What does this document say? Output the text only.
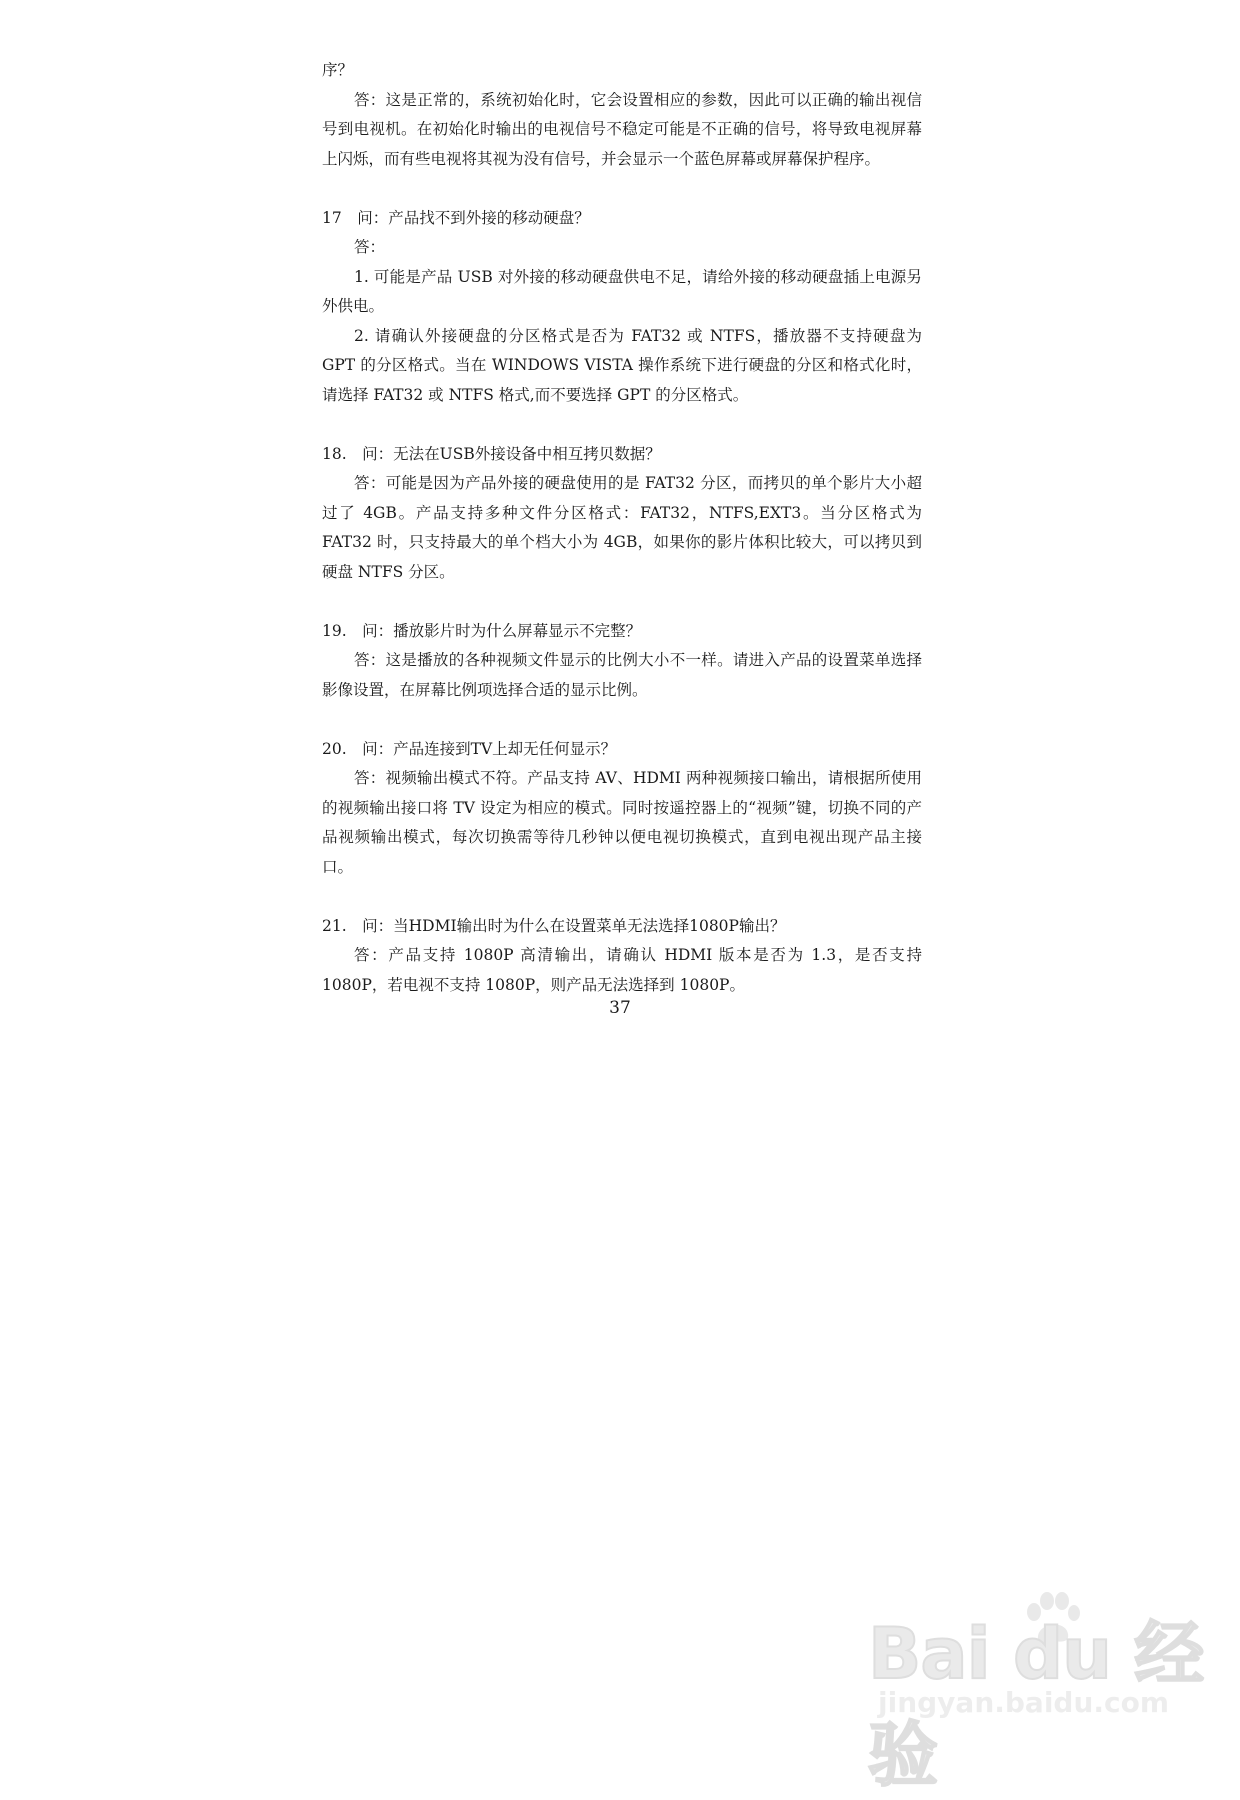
序？

答：这是正常的，系统初始化时，它会设置相应的参数，因此可以正确的输出视信号到电视机。在初始化时输出的电视信号不稳定可能是不正确的信号，将导致电视屏幕上闪烁，而有些电视将其视为没有信号，并会显示一个蓝色屏幕或屏幕保护程序。

17　问：产品找不到外接的移动硬盘？

答：

1. 可能是产品 USB 对外接的移动硬盘供电不足，请给外接的移动硬盘插上电源另外供电。

2. 请确认外接硬盘的分区格式是否为 FAT32 或 NTFS，播放器不支持硬盘为 GPT 的分区格式。当在 WINDOWS VISTA 操作系统下进行硬盘的分区和格式化时，请选择 FAT32 或 NTFS 格式,而不要选择 GPT 的分区格式。

18.　问：无法在USB外接设备中相互拷贝数据？

答：可能是因为产品外接的硬盘使用的是 FAT32 分区，而拷贝的单个影片大小超过了 4GB。产品支持多种文件分区格式：FAT32，NTFS,EXT3。当分区格式为 FAT32 时，只支持最大的单个档大小为 4GB，如果你的影片体积比较大，可以拷贝到硬盘 NTFS 分区。

19.　问：播放影片时为什么屏幕显示不完整？

答：这是播放的各种视频文件显示的比例大小不一样。请进入产品的设置菜单选择影像设置，在屏幕比例项选择合适的显示比例。

20.　问：产品连接到TV上却无任何显示？

答：视频输出模式不符。产品支持 AV、HDMI 两种视频接口输出，请根据所使用的视频输出接口将 TV 设定为相应的模式。同时按遥控器上的“视频”键，切换不同的产品视频输出模式，每次切换需等待几秒钟以便电视切换模式，直到电视出现产品主接口。

21.　问：当HDMI输出时为什么在设置菜单无法选择1080P输出？

答：产品支持 1080P 高清输出，请确认 HDMI 版本是否为 1.3，是否支持 1080P，若电视不支持 1080P，则产品无法选择到 1080P。

37
Bai du 经验
jingyan.baidu.com
